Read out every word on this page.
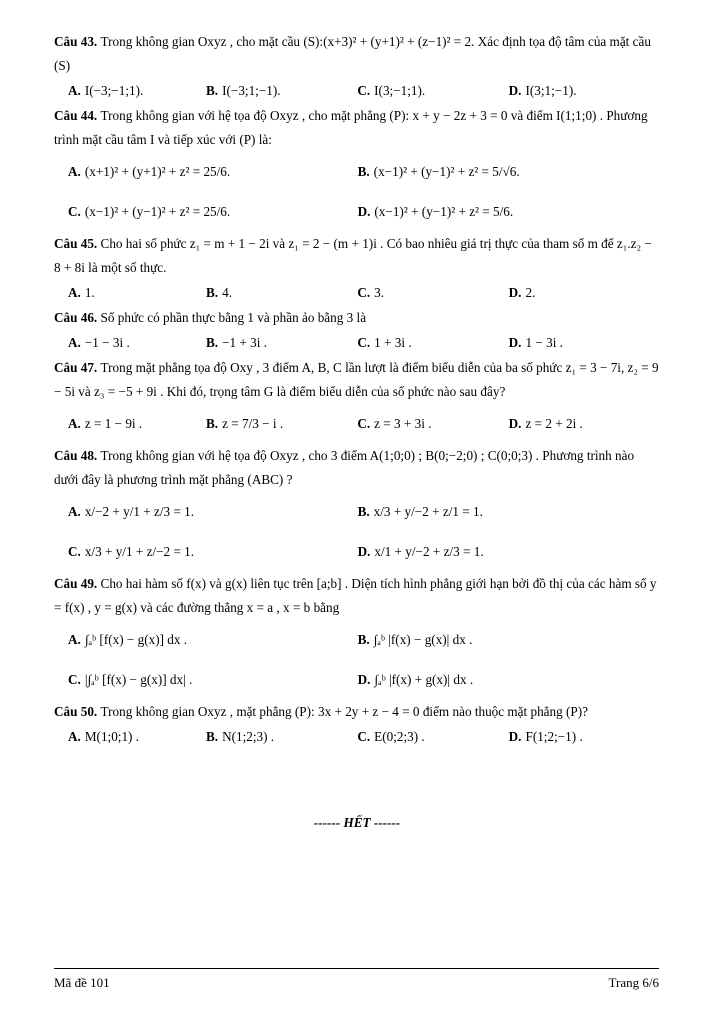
Câu 43. Trong không gian Oxyz , cho mặt cầu (S):(x+3)² + (y+1)² + (z−1)² = 2. Xác định tọa độ tâm của mặt cầu (S)

A. I(−3;−1;1).	B. I(−3;1;−1).	C. I(3;−1;1).	D. I(3;1;−1).

Câu 44. Trong không gian với hệ tọa độ Oxyz , cho mặt phẳng (P): x + y − 2z + 3 = 0 và điểm I(1;1;0) . Phương trình mặt cầu tâm I và tiếp xúc với (P) là:

A. (x+1)² + (y+1)² + z² = 25/6.	B. (x−1)² + (y−1)² + z² = 5/√6.
C. (x−1)² + (y−1)² + z² = 25/6.	D. (x−1)² + (y−1)² + z² = 5/6.

Câu 45. Cho hai số phức z₁ = m + 1 − 2i và z₁ = 2 − (m + 1)i . Có bao nhiêu giá trị thực của tham số m để z₁.z₂ − 8 + 8i là một số thực.

A. 1.	B. 4.	C. 3.	D. 2.

Câu 46. Số phức có phần thực bằng 1 và phần ảo bằng 3 là

A. −1 − 3i .	B. −1 + 3i .	C. 1 + 3i .	D. 1 − 3i .

Câu 47. Trong mặt phẳng tọa độ Oxy , 3 điểm A, B, C lần lượt là điểm biểu diễn của ba số phức z₁ = 3 − 7i, z₂ = 9 − 5i và z₃ = −5 + 9i . Khi đó, trọng tâm G là điểm biểu diễn của số phức nào sau đây?

A. z = 1 − 9i .	B. z = 7/3 − i .	C. z = 3 + 3i .	D. z = 2 + 2i .

Câu 48. Trong không gian với hệ tọa độ Oxyz , cho 3 điểm A(1;0;0) ; B(0;−2;0) ; C(0;0;3) . Phương trình nào dưới đây là phương trình mặt phẳng (ABC) ?

A. x/−2 + y/1 + z/3 = 1.	B. x/3 + y/−2 + z/1 = 1.
C. x/3 + y/1 + z/−2 = 1.	D. x/1 + y/−2 + z/3 = 1.

Câu 49. Cho hai hàm số f(x) và g(x) liên tục trên [a;b] . Diện tích hình phẳng giới hạn bởi đồ thị của các hàm số y = f(x) , y = g(x) và các đường thẳng x = a , x = b bằng

A. ∫ₐᵇ [f(x) − g(x)] dx .	B. ∫ₐᵇ |f(x) − g(x)| dx .
C. |∫ₐᵇ [f(x) − g(x)] dx| .	D. ∫ₐᵇ |f(x) + g(x)| dx .

Câu 50. Trong không gian Oxyz , mặt phẳng (P): 3x + 2y + z − 4 = 0 điểm nào thuộc mặt phẳng (P)?

A. M(1;0;1) .	B. N(1;2;3) .	C. E(0;2;3) .	D. F(1;2;−1) .
------ HẾT ------
Mã đề 101	Trang 6/6
